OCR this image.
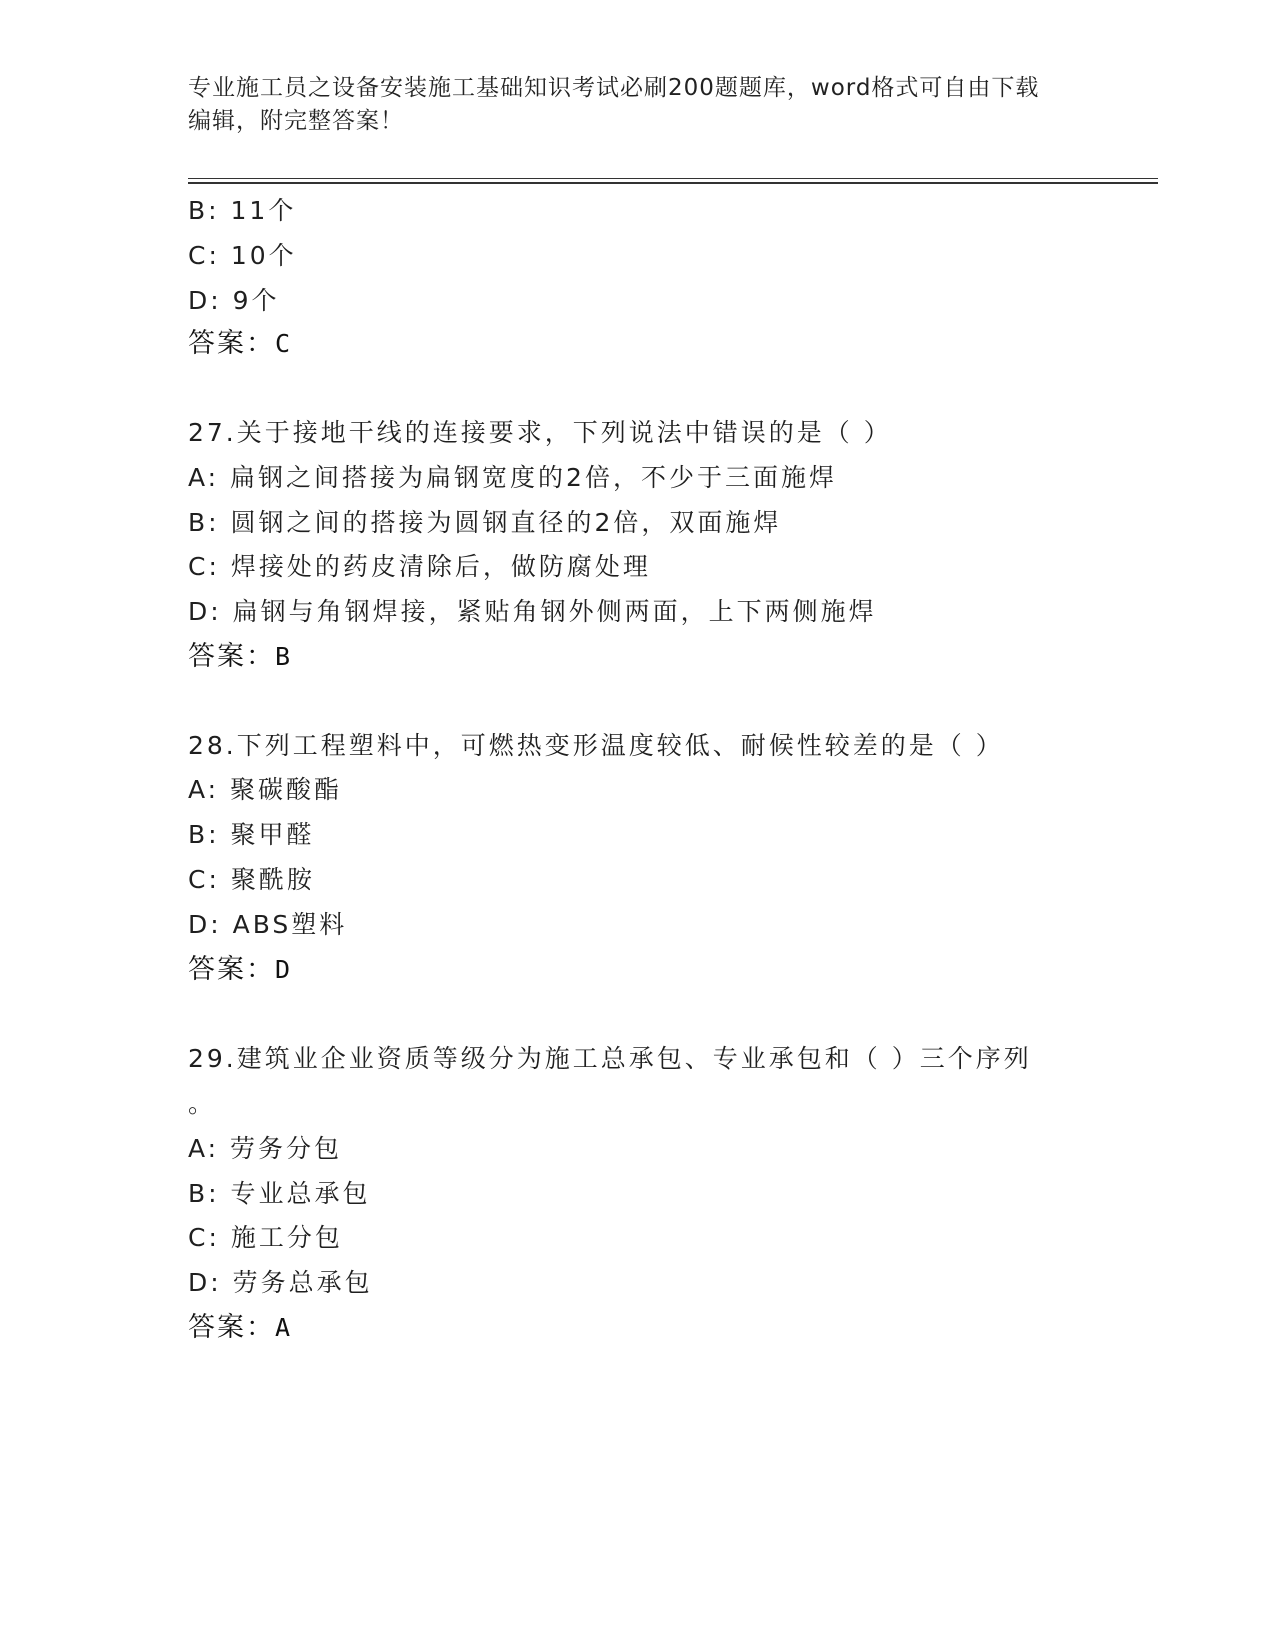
专业施工员之设备安装施工基础知识考试必刷200题题库，word格式可自由下载
编辑，附完整答案！
B: 11个
C: 10个
D: 9个
答案：C
27.关于接地干线的连接要求，下列说法中错误的是（ ）
A: 扁钢之间搭接为扁钢宽度的2倍，不少于三面施焊
B: 圆钢之间的搭接为圆钢直径的2倍，双面施焊
C: 焊接处的药皮清除后，做防腐处理
D: 扁钢与角钢焊接，紧贴角钢外侧两面，上下两侧施焊
答案：B
28.下列工程塑料中，可燃热变形温度较低、耐候性较差的是（ ）
A: 聚碳酸酯
B: 聚甲醛
C: 聚酰胺
D: ABS塑料
答案：D
29.建筑业企业资质等级分为施工总承包、专业承包和（ ）三个序列
。
A: 劳务分包
B: 专业总承包
C: 施工分包
D: 劳务总承包
答案：A
